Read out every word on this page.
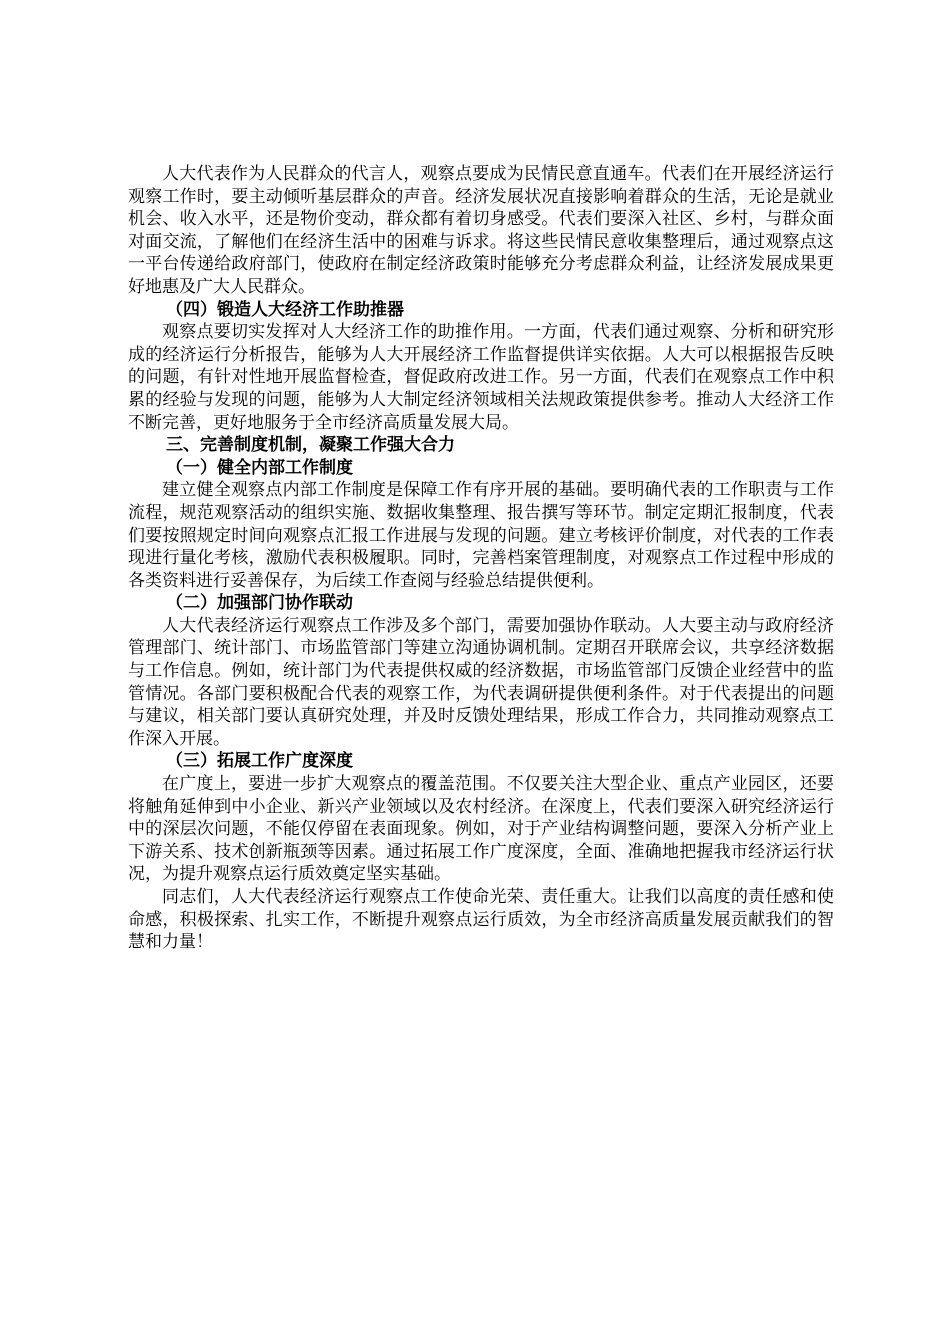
人大代表作为人民群众的代言人，观察点要成为民情民意直通车。代表们在开展经济运行观察工作时，要主动倾听基层群众的声音。经济发展状况直接影响着群众的生活，无论是就业机会、收入水平，还是物价变动，群众都有着切身感受。代表们要深入社区、乡村，与群众面对面交流，了解他们在经济生活中的困难与诉求。将这些民情民意收集整理后，通过观察点这一平台传递给政府部门，使政府在制定经济政策时能够充分考虑群众利益，让经济发展成果更好地惠及广大人民群众。

（四）锻造人大经济工作助推器

观察点要切实发挥对人大经济工作的助推作用。一方面，代表们通过观察、分析和研究形成的经济运行分析报告，能够为人大开展经济工作监督提供详实依据。人大可以根据报告反映的问题，有针对性地开展监督检查，督促政府改进工作。另一方面，代表们在观察点工作中积累的经验与发现的问题，能够为人大制定经济领域相关法规政策提供参考。推动人大经济工作不断完善，更好地服务于全市经济高质量发展大局。

三、完善制度机制，凝聚工作强大合力

（一）健全内部工作制度

建立健全观察点内部工作制度是保障工作有序开展的基础。要明确代表的工作职责与工作流程，规范观察活动的组织实施、数据收集整理、报告撰写等环节。制定定期汇报制度，代表们要按照规定时间向观察点汇报工作进展与发现的问题。建立考核评价制度，对代表的工作表现进行量化考核，激励代表积极履职。同时，完善档案管理制度，对观察点工作过程中形成的各类资料进行妥善保存，为后续工作查阅与经验总结提供便利。

（二）加强部门协作联动

人大代表经济运行观察点工作涉及多个部门，需要加强协作联动。人大要主动与政府经济管理部门、统计部门、市场监管部门等建立沟通协调机制。定期召开联席会议，共享经济数据与工作信息。例如，统计部门为代表提供权威的经济数据，市场监管部门反馈企业经营中的监管情况。各部门要积极配合代表的观察工作，为代表调研提供便利条件。对于代表提出的问题与建议，相关部门要认真研究处理，并及时反馈处理结果，形成工作合力，共同推动观察点工作深入开展。

（三）拓展工作广度深度

在广度上，要进一步扩大观察点的覆盖范围。不仅要关注大型企业、重点产业园区，还要将触角延伸到中小企业、新兴产业领域以及农村经济。在深度上，代表们要深入研究经济运行中的深层次问题，不能仅停留在表面现象。例如，对于产业结构调整问题，要深入分析产业上下游关系、技术创新瓶颈等因素。通过拓展工作广度深度，全面、准确地把握我市经济运行状况，为提升观察点运行质效奠定坚实基础。

同志们，人大代表经济运行观察点工作使命光荣、责任重大。让我们以高度的责任感和使命感，积极探索、扎实工作，不断提升观察点运行质效，为全市经济高质量发展贡献我们的智慧和力量！
